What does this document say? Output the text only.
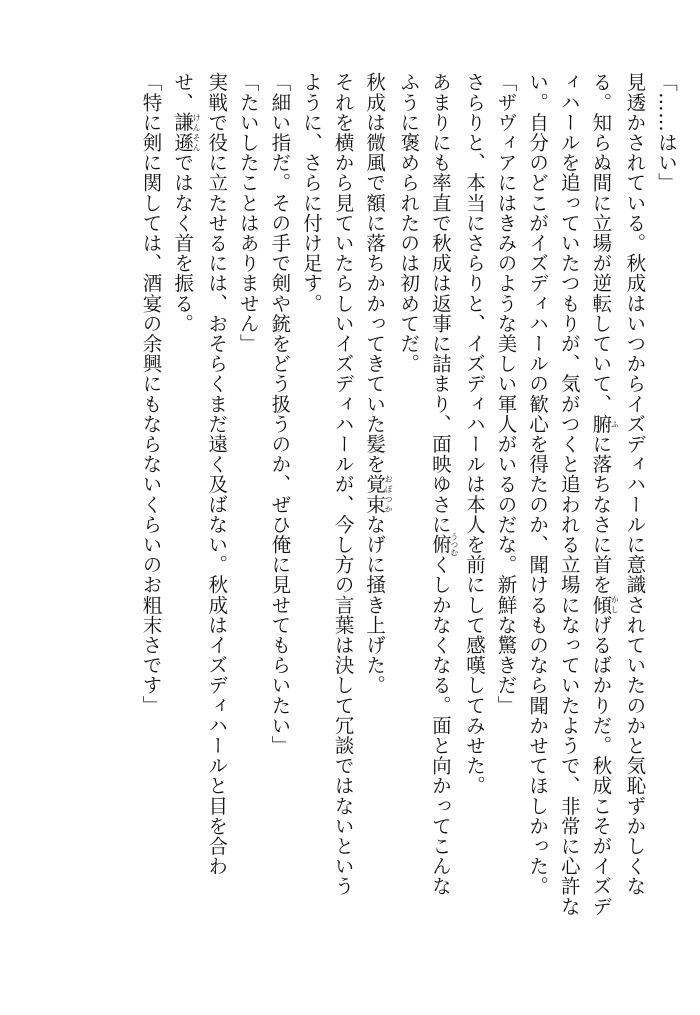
「……はい」

見透かされている。秋成はいつからイズディハールに意識されていたのかと気恥ずかしくな

る。知らぬ間に立場が逆転していて、腑ふに落ちなさに首を傾かしげるばかりだ。秋成こそがイズデ

ィハールを追っていたつもりが、気がつくと追われる立場になっていたようで、非常に心許な

い。自分のどこがイズディハールの歓心を得たのか、聞けるものなら聞かせてほしかった。

「ザヴィアにはきみのような美しい軍人がいるのだな。新鮮な驚きだ」

さらりと、本当にさらりと、イズディハールは本人を前にして感嘆してみせた。

あまりにも率直で秋成は返事に詰まり、面映ゆさに俯うつむくしかなくなる。面と向かってこんな

ふうに褒められたのは初めてだ。

秋成は微風で額に落ちかかってきていた髪を覚束おぼつかなげに掻き上げた。

それを横から見ていたらしいイズディハールが、今し方の言葉は決して冗談ではないという

ように、さらに付け足す。

「細い指だ。その手で剣や銃をどう扱うのか、ぜひ俺に見せてもらいたい」

「たいしたことはありません」

実戦で役に立たせるには、おそらくまだ遠く及ばない。秋成はイズディハールと目を合わ

せ、謙遜けんそんではなく首を振る。

「特に剣に関しては、酒宴の余興にもならないくらいのお粗末さです」
